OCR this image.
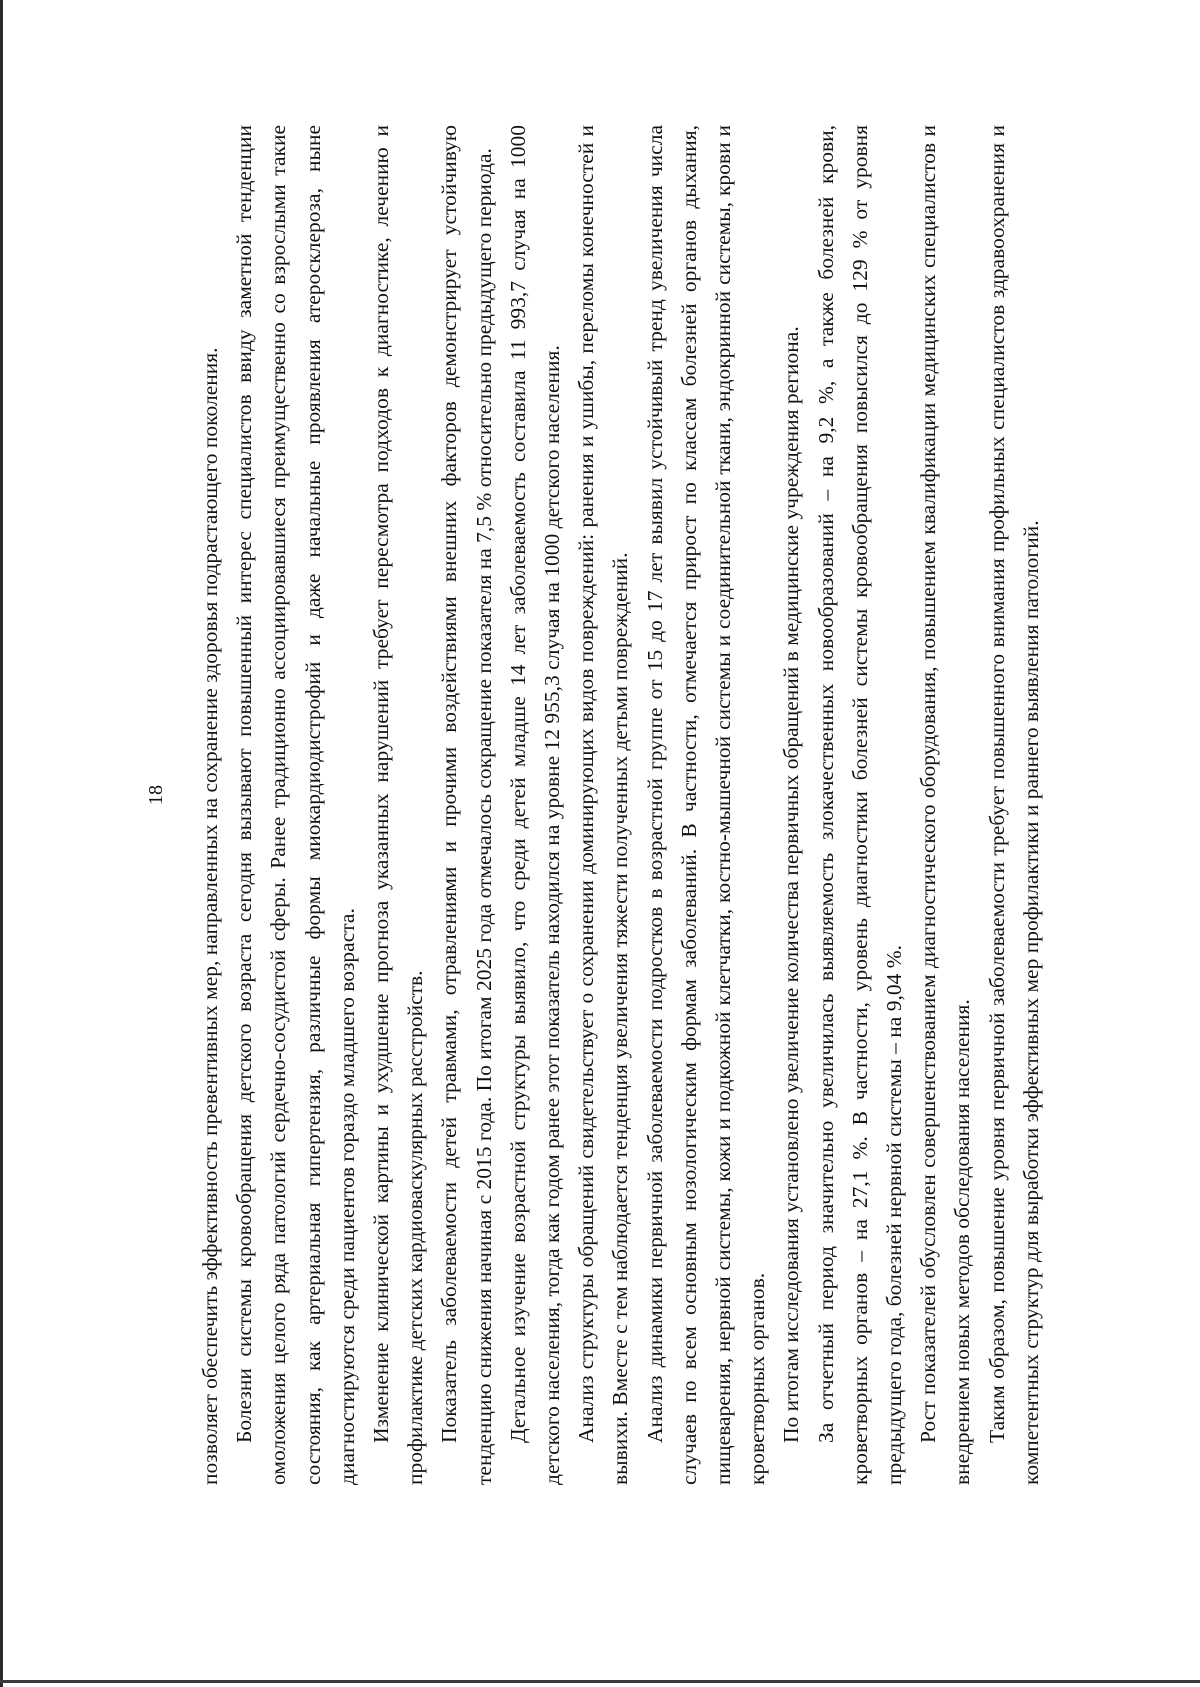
18 позволяет обеспечить эффективность превентивных мер, направленных на сохранение здоровья подрастающего поколения. Болезни системы кровообращения детского возраста сегодня вызывают повышенный интерес специалистов ввиду заметной тенденции омоложения целого ряда патологий сердечно-сосудистой сферы. Ранее традиционно ассоциировавшиеся преимущественно со взрослыми такие состояния, как артериальная гипертензия, различные формы миокардиодистрофий и даже начальные проявления атеросклероза, ныне диагностируются среди пациентов гораздо младшего возраста. Изменение клинической картины и ухудшение прогноза указанных нарушений требует пересмотра подходов к диагностике, лечению и профилактике детских кардиоваскулярных расстройств. Показатель заболеваемости детей травмами, отравлениями и прочими воздействиями внешних факторов демонстрирует устойчивую тенденцию снижения начиная с 2015 года. По итогам 2025 года отмечалось сокращение показателя на 7,5 % относительно предыдущего периода. Детальное изучение возрастной структуры выявило, что среди детей младше 14 лет заболеваемость составила 11 993,7 случая на 1000 детского населения, тогда как годом ранее этот показатель находился на уровне 12 955,3 случая на 1000 детского населения. Анализ структуры обращений свидетельствует о сохранении доминирующих видов повреждений: ранения и ушибы, переломы конечностей и вывихи. Вместе с тем наблюдается тенденция увеличения тяжести полученных детьми повреждений. Анализ динамики первичной заболеваемости подростков в возрастной группе от 15 до 17 лет выявил устойчивый тренд увеличения числа случаев по всем основным нозологическим формам заболеваний. В частности, отмечается прирост по классам болезней органов дыхания, пищеварения, нервной системы, кожи и подкожной клетчатки, костно-мышечной системы и соединительной ткани, эндокринной системы, крови и кроветворных органов. По итогам исследования установлено увеличение количества первичных обращений в медицинские учреждения региона. За отчетный период значительно увеличилась выявляемость злокачественных новообразований – на 9,2 %, а также болезней крови, кроветворных органов – на 27,1 %. В частности, уровень диагностики болезней системы кровообращения повысился до 129 % от уровня предыдущего года, болезней нервной системы – на 9,04 %. Рост показателей обусловлен совершенствованием диагностического оборудования, повышением квалификации медицинских специалистов и внедрением новых методов обследования населения. Таким образом, повышение уровня первичной заболеваемости требует повышенного внимания профильных специалистов здравоохранения и компетентных структур для выработки эффективных мер профилактики и раннего выявления патологий.
